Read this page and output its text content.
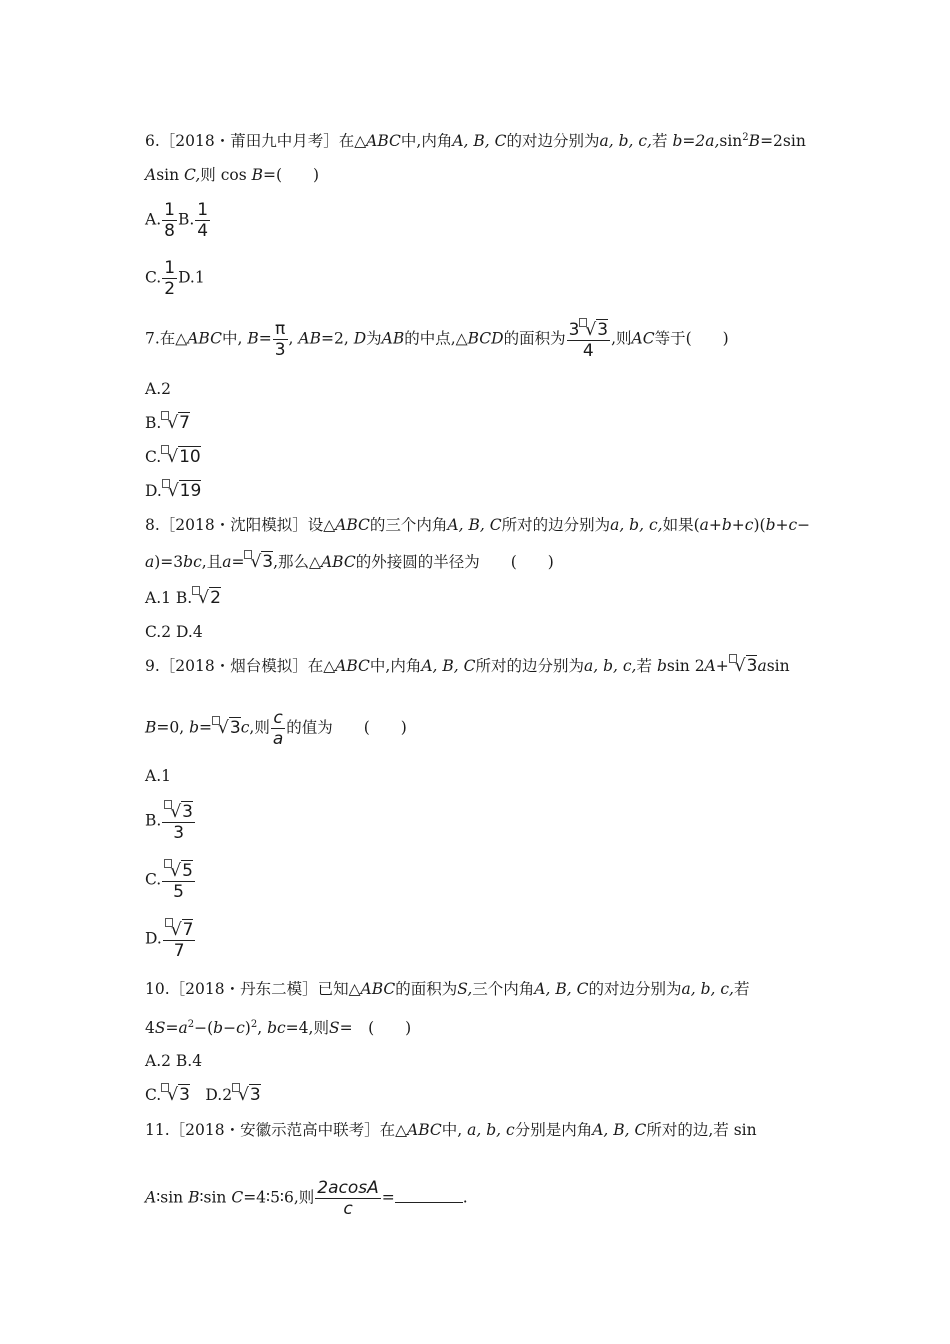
6.［2018・莆田九中月考］在△ABC中,内角A, B, C的对边分别为a, b, c,若 $b=2a,\sin^2B=2\sin$
Asin C,则 cos B=(　　)
A. $\frac{1}{8} B$. $\frac{1}{4}$
C. $\frac{1}{2} D.1$
7.在△ABC中, $B= \frac{\pi}{3}$ , AB=2, D为AB的中点,△BCD的面积为 $\frac{3 √3}{4}$ ,则AC等于(　　)
A.2
B. √7
C. √10
D. √19
8.［2018・沈阳模拟］设△ABC的三个内角A, B, C所对的边分别为a, b, c,如果(a+b+c)(b+c−
a)=3bc,且a= √3,那么△ABC的外接圆的半径为　　(　　)
A.1 B. √2
C.2 D.4
9.［2018・烟台模拟］在△ABC中,内角A, B, C所对的边分别为a, b, c,若 bsin 2A+ √3asin
B=0, b= √3c,则 $\frac{c}{a}$ 的值为　　(　　)
A.1
B. $\frac{√3}{3}$
C. $\frac{√5}{5}$
D. $\frac{√7}{7}$
10.［2018・丹东二模］已知△ABC的面积为S,三个内角A, B, C的对边分别为a, b, c,若
$4S=a^2-(b-c)^2$, bc=4,则S=　(　　)
A.2 B.4
C. √3　D.2 √3
11.［2018・安徽示范高中联考］在△ABC中, a, b, c分别是内角A, B, C所对的边,若 sin
A∶sin B∶sin C=4∶5∶6,则 $\frac{2acosA}{c}$ =	.
